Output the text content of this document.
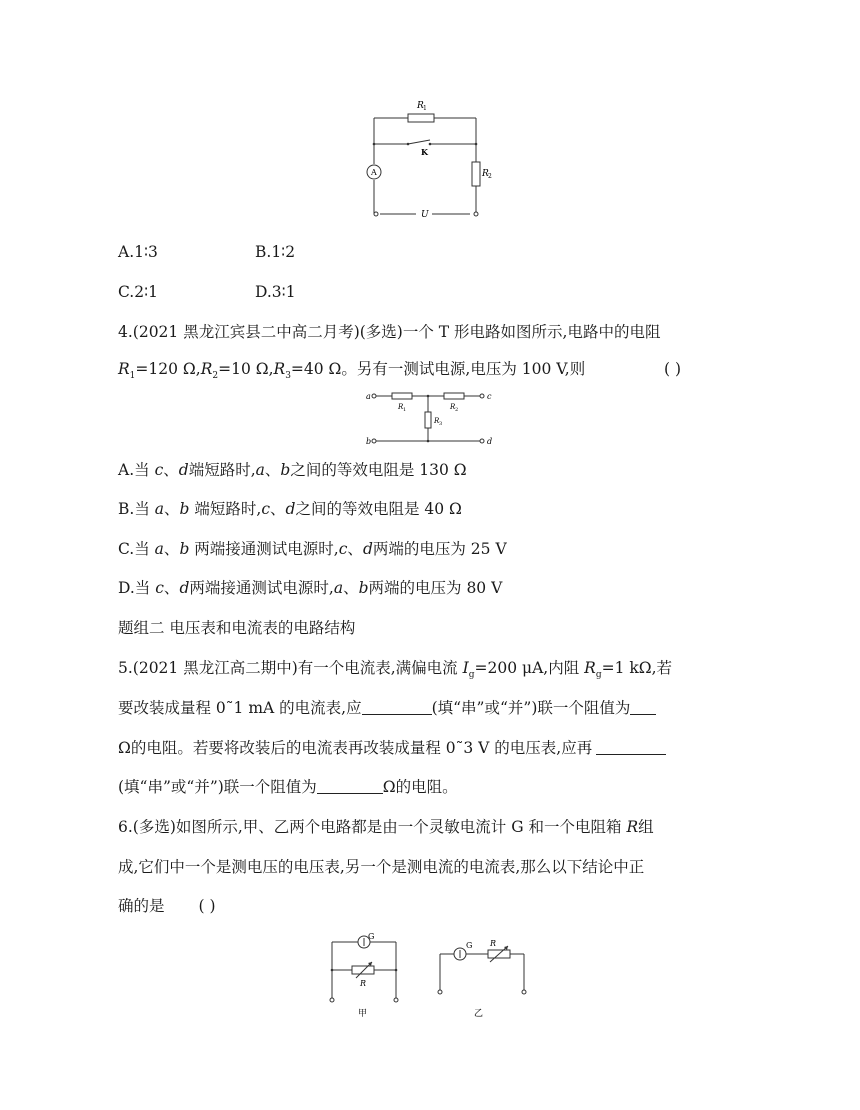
R 1
K
A	R 2
U
A.1∶3	B.1∶2
C.2∶1	D.3∶1
4.(2021 黑龙江宾县二中高二月考)(多选)一个 T 形电路如图所示,电路中的电阻
$R_1=120$ $\Omega,R_2=10$ $\Omega,R_3=40$ Ω。另有一测试电源,电压为 100 V,则	( )
a
b
c
d
R 1	R 2
R 3
A.当 c、d端短路时,a、b之间的等效电阻是 130 Ω
B.当 a、b 端短路时,c、d之间的等效电阻是 40 Ω
C.当 a、b 两端接通测试电源时,c、d两端的电压为 25 V
D.当 c、d两端接通测试电源时,a、b两端的电压为 80 V
题组二 电压表和电流表的电路结构
5.(2021 黑龙江高二期中)有一个电流表,满偏电流 $I_g=200$ μA,内阻 $R_g=1$ kΩ,若
要改装成量程 0˜1 mA 的电流表,应	(填“串”或“并”)联一个阻值为
Ω的电阻。若要将改装后的电流表再改装成量程 0˜3 V 的电压表,应再
(填“串”或“并”)联一个阻值为	Ω的电阻。
6.(多选)如图所示,甲、乙两个电路都是由一个灵敏电流计 G 和一个电阻箱 R组
成,它们中一个是测电压的电压表,另一个是测电流的电流表,那么以下结论中正
确的是 ( )
G
R
甲
G R
乙
